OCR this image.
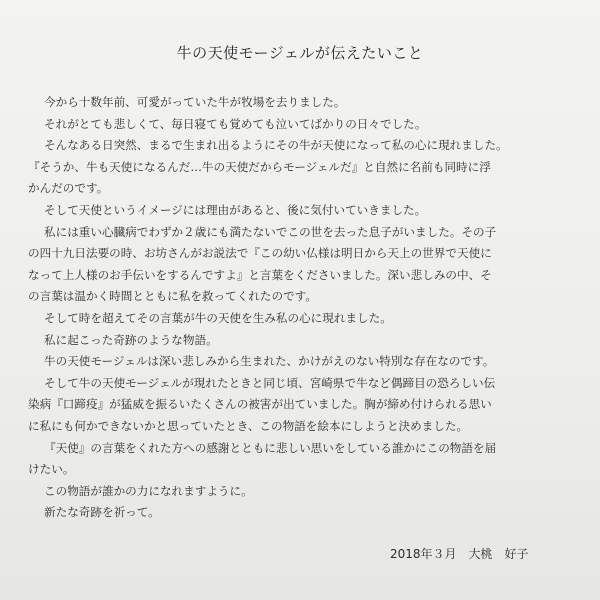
牛の天使モージェルが伝えたいこと

今から十数年前、可愛がっていた牛が牧場を去りました。

それがとても悲しくて、毎日寝ても覚めても泣いてばかりの日々でした。

そんなある日突然、まるで生まれ出るようにその牛が天使になって私の心に現れました。

『そうか、牛も天使になるんだ…牛の天使だからモージェルだ』と自然に名前も同時に浮

かんだのです。

そして天使というイメージには理由があると、後に気付いていきました。

私には重い心臓病でわずか２歳にも満たないでこの世を去った息子がいました。その子

の四十九日法要の時、お坊さんがお説法で『この幼い仏様は明日から天上の世界で天使に

なって上人様のお手伝いをするんですよ』と言葉をくださいました。深い悲しみの中、そ

の言葉は温かく時間とともに私を救ってくれたのです。

そして時を超えてその言葉が牛の天使を生み私の心に現れました。

私に起こった奇跡のような物語。

牛の天使モージェルは深い悲しみから生まれた、かけがえのない特別な存在なのです。

そして牛の天使モージェルが現れたときと同じ頃、宮崎県で牛など偶蹄目の恐ろしい伝

染病『口蹄疫』が猛威を振るいたくさんの被害が出ていました。胸が締め付けられる思い

に私にも何かできないかと思っていたとき、この物語を絵本にしようと決めました。

『天使』の言葉をくれた方への感謝とともに悲しい思いをしている誰かにこの物語を届

けたい。

この物語が誰かの力になれますように。

新たな奇跡を祈って。

2018年３月　大桃　好子
